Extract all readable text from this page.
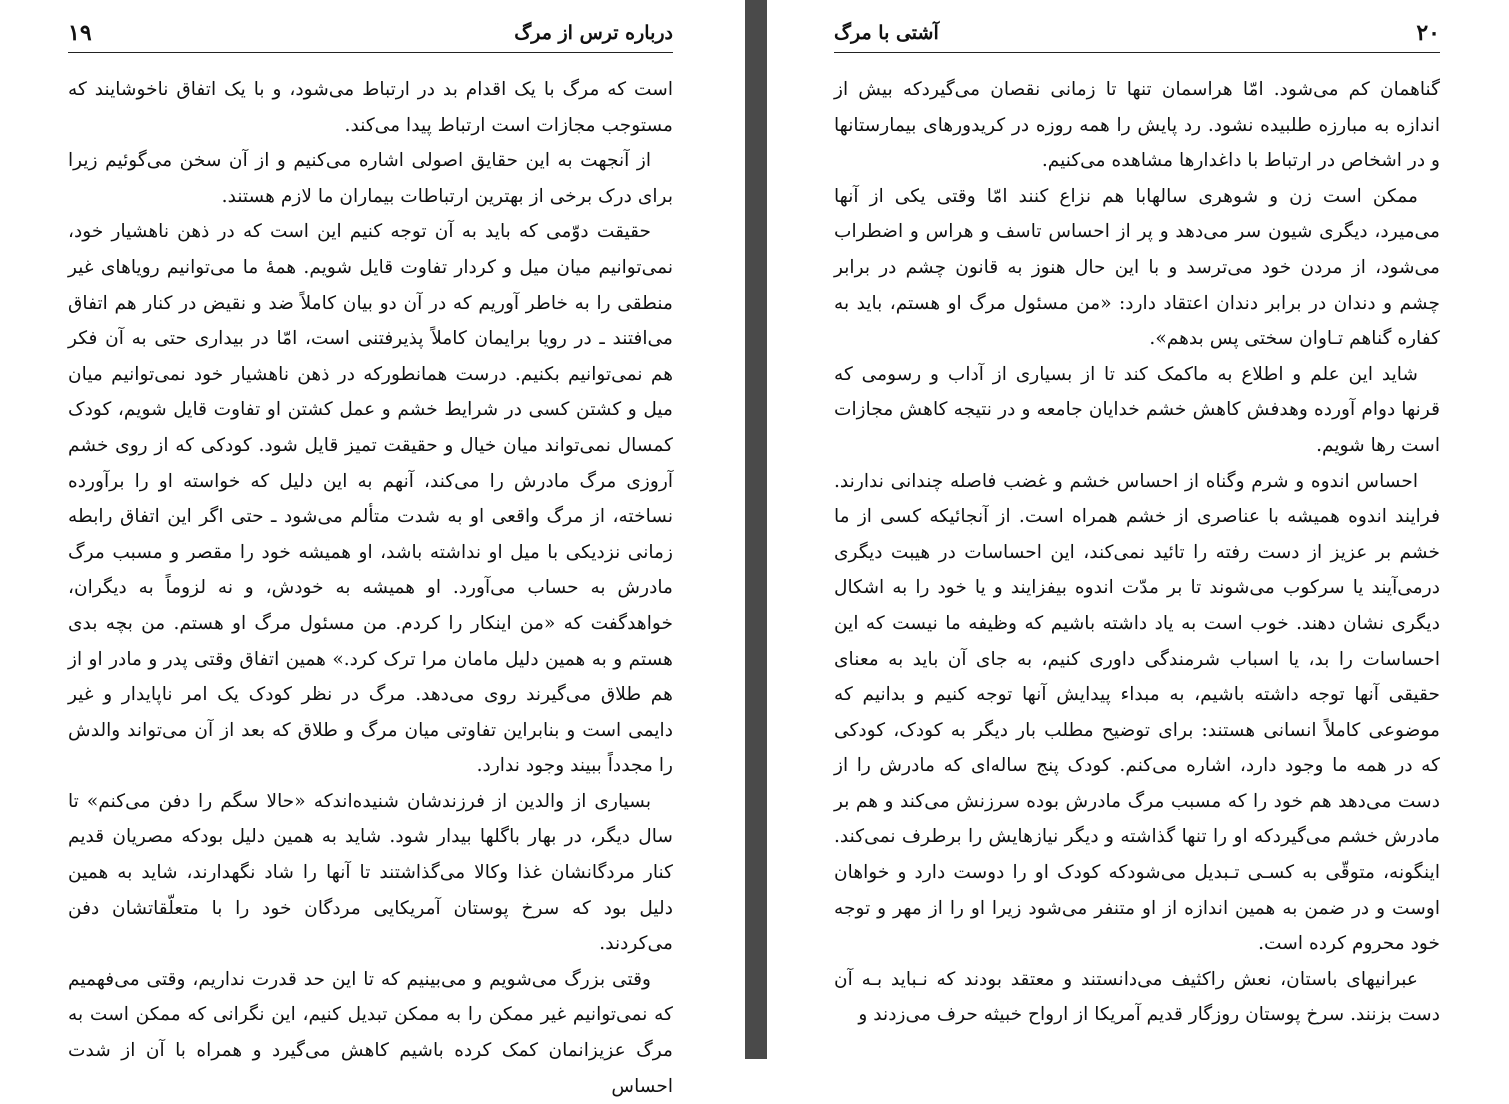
درباره ترس از مرگ
۱۹

است که مرگ با یک اقدام بد در ارتباط می‌شود، و با یک اتفاق ناخوشایند که مستوجب مجازات است ارتباط پیدا می‌کند.

از آنجهت به این حقایق اصولی اشاره می‌کنیم و از آن سخن می‌گوئیم زیرا برای درک برخی از بهترین ارتباطات بیماران ما لازم هستند.

حقیقت دوّمی که باید به آن توجه کنیم این است که در ذهن ناهشیار خود، نمی‌توانیم میان میل و کردار تفاوت قایل شویم. همهٔ ما می‌توانیم رویاهای غیر منطقی را به خاطر آوریم که در آن دو بیان کاملاً ضد و نقیض در کنار هم اتفاق می‌افتند ـ در رویا برایمان کاملاً پذیرفتنی است، امّا در بیداری حتی به آن فکر هم نمی‌توانیم بکنیم. درست همانطورکه در ذهن ناهشیار خود نمی‌توانیم میان میل و کشتن کسی در شرایط خشم و عمل کشتن او تفاوت قایل شویم، کودک کمسال نمی‌تواند میان خیال و حقیقت تمیز قایل شود. کودکی که از روی خشم آروزی مرگ مادرش را می‌کند، آنهم به این دلیل که خواسته او را برآورده نساخته، از مرگ واقعی او به شدت متألم می‌شود ـ حتی اگر این اتفاق رابطه زمانی نزدیکی با میل او نداشته باشد، او همیشه خود را مقصر و مسبب مرگ مادرش به حساب می‌آورد. او همیشه به خودش، و نه لزوماً به دیگران، خواهدگفت که «من اینکار را کردم. من مسئول مرگ او هستم. من بچه بدی هستم و به همین دلیل مامان مرا ترک کرد.» همین اتفاق وقتی پدر و مادر او از هم طلاق می‌گیرند روی می‌دهد. مرگ در نظر کودک یک امر ناپایدار و غیر دایمی است و بنابراین تفاوتی میان مرگ و طلاق که بعد از آن می‌تواند والدش را مجدداً ببیند وجود ندارد.

بسیاری از والدین از فرزندشان شنیده‌اندکه «حالا سگم را دفن می‌کنم» تا سال دیگر، در بهار باگلها بیدار شود. شاید به همین دلیل بودکه مصریان قدیم کنار مردگانشان غذا وکالا می‌گذاشتند تا آنها را شاد نگهدارند، شاید به همین دلیل بود که سرخ پوستان آمریکایی مردگان خود را با متعلّقاتشان دفن می‌کردند.

وقتی بزرگ می‌شویم و می‌بینیم که تا این حد قدرت نداریم، وقتی می‌فهمیم که نمی‌توانیم غیر ممکن را به ممکن تبدیل کنیم، این نگرانی که ممکن است به مرگ عزیزانمان کمک کرده باشیم کاهش می‌گیرد و همراه با آن از شدت احساس

۲۰
آشتی با مرگ

گناهمان کم می‌شود. امّا هراسمان تنها تا زمانی نقصان می‌گیردکه بیش از اندازه به مبارزه طلبیده نشود. رد پایش را همه روزه در کریدورهای بیمارستانها و در اشخاص در ارتباط با داغدارها مشاهده می‌کنیم.

ممکن است زن و شوهری سالهابا هم نزاع کنند امّا وقتی یکی از آنها می‌میرد، دیگری شیون سر می‌دهد و پر از احساس تاسف و هراس و اضطراب می‌شود، از مردن خود می‌ترسد و با این حال هنوز به قانون چشم در برابر چشم و دندان در برابر دندان اعتقاد دارد: «من مسئول مرگ او هستم، باید به کفاره گناهم تـاوان سختی پس بدهم».

شاید این علم و اطلاع به ماکمک کند تا از بسیاری از آداب و رسومی که قرنها دوام آورده وهدفش کاهش خشم خدایان جامعه و در نتیجه کاهش مجازات است رها شویم.

احساس اندوه و شرم وگناه از احساس خشم و غضب فاصله چندانی ندارند. فرایند اندوه همیشه با عناصری از خشم همراه است. از آنجائیکه کسی از ما خشم بر عزیز از دست رفته را تائید نمی‌کند، این احساسات در هیبت دیگری درمی‌آیند یا سرکوب می‌شوند تا بر مدّت اندوه بیفزایند و یا خود را به اشکال دیگری نشان دهند. خوب است به یاد داشته باشیم که وظیفه ما نیست که این احساسات را بد، یا اسباب شرمندگی داوری کنیم، به جای آن باید به معنای حقیقی آنها توجه داشته باشیم، به مبداء پیدایش آنها توجه کنیم و بدانیم که موضوعی کاملاً انسانی هستند: برای توضیح مطلب بار دیگر به کودک، کودکی که در همه ما وجود دارد، اشاره می‌کنم. کودک پنج ساله‌ای که مادرش را از دست می‌دهد هم خود را که مسبب مرگ مادرش بوده سرزنش می‌کند و هم بر مادرش خشم می‌گیردکه او را تنها گذاشته و دیگر نیازهایش را برطرف نمی‌کند. اینگونه، متوقّی به کسـی تـبدیل می‌شودکه کودک او را دوست دارد و خواهان اوست و در ضمن به همین اندازه از او متنفر می‌شود زیرا او را از مهر و توجه خود محروم کرده است.

عبرانیهای باستان، نعش راکثیف می‌دانستند و معتقد بودند که نـباید بـه آن دست بزنند. سرخ پوستان روزگار قدیم آمریکا از ارواح خبیثه حرف می‌زدند و
